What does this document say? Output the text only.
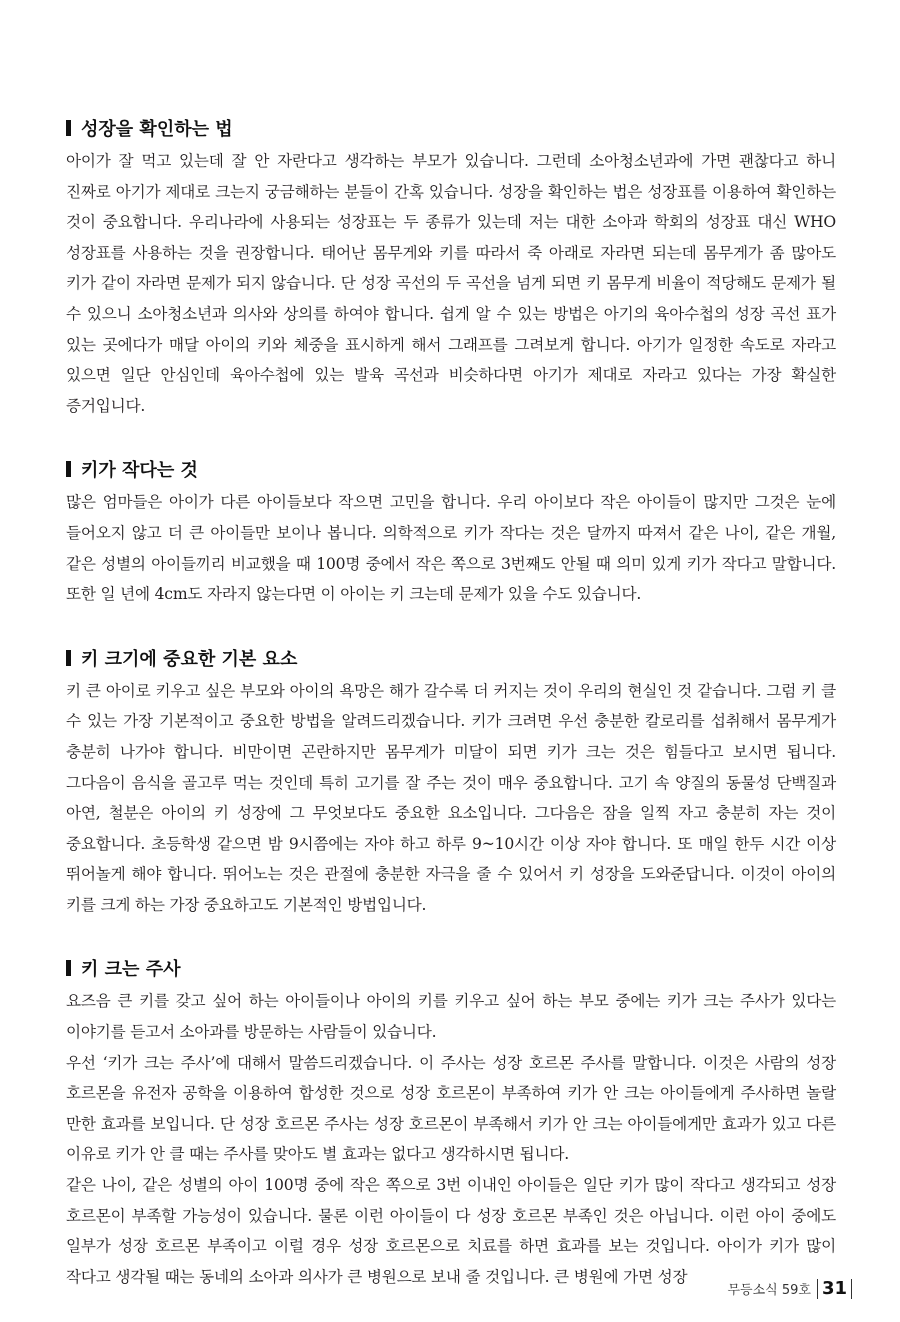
성장을 확인하는 법

아이가 잘 먹고 있는데 잘 안 자란다고 생각하는 부모가 있습니다. 그런데 소아청소년과에 가면 괜찮다고 하니 진짜로 아기가 제대로 크는지 궁금해하는 분들이 간혹 있습니다. 성장을 확인하는 법은 성장표를 이용하여 확인하는 것이 중요합니다. 우리나라에 사용되는 성장표는 두 종류가 있는데 저는 대한 소아과 학회의 성장표 대신 WHO 성장표를 사용하는 것을 권장합니다. 태어난 몸무게와 키를 따라서 죽 아래로 자라면 되는데 몸무게가 좀 많아도 키가 같이 자라면 문제가 되지 않습니다. 단 성장 곡선의 두 곡선을 넘게 되면 키 몸무게 비율이 적당해도 문제가 될 수 있으니 소아청소년과 의사와 상의를 하여야 합니다. 쉽게 알 수 있는 방법은 아기의 육아수첩의 성장 곡선 표가 있는 곳에다가 매달 아이의 키와 체중을 표시하게 해서 그래프를 그려보게 합니다. 아기가 일정한 속도로 자라고 있으면 일단 안심인데 육아수첩에 있는 발육 곡선과 비슷하다면 아기가 제대로 자라고 있다는 가장 확실한 증거입니다.

키가 작다는 것

많은 엄마들은 아이가 다른 아이들보다 작으면 고민을 합니다. 우리 아이보다 작은 아이들이 많지만 그것은 눈에 들어오지 않고 더 큰 아이들만 보이나 봅니다. 의학적으로 키가 작다는 것은 달까지 따져서 같은 나이, 같은 개월, 같은 성별의 아이들끼리 비교했을 때 100명 중에서 작은 쪽으로 3번째도 안될 때 의미 있게 키가 작다고 말합니다. 또한 일 년에 4cm도 자라지 않는다면 이 아이는 키 크는데 문제가 있을 수도 있습니다.

키 크기에 중요한 기본 요소

키 큰 아이로 키우고 싶은 부모와 아이의 욕망은 해가 갈수록 더 커지는 것이 우리의 현실인 것 같습니다. 그럼 키 클 수 있는 가장 기본적이고 중요한 방법을 알려드리겠습니다. 키가 크려면 우선 충분한 칼로리를 섭취해서 몸무게가 충분히 나가야 합니다. 비만이면 곤란하지만 몸무게가 미달이 되면 키가 크는 것은 힘들다고 보시면 됩니다. 그다음이 음식을 골고루 먹는 것인데 특히 고기를 잘 주는 것이 매우 중요합니다. 고기 속 양질의 동물성 단백질과 아연, 철분은 아이의 키 성장에 그 무엇보다도 중요한 요소입니다. 그다음은 잠을 일찍 자고 충분히 자는 것이 중요합니다. 초등학생 같으면 밤 9시쯤에는 자야 하고 하루 9~10시간 이상 자야 합니다. 또 매일 한두 시간 이상 뛰어놀게 해야 합니다. 뛰어노는 것은 관절에 충분한 자극을 줄 수 있어서 키 성장을 도와준답니다. 이것이 아이의 키를 크게 하는 가장 중요하고도 기본적인 방법입니다.

키 크는 주사

요즈음 큰 키를 갖고 싶어 하는 아이들이나 아이의 키를 키우고 싶어 하는 부모 중에는 키가 크는 주사가 있다는 이야기를 듣고서 소아과를 방문하는 사람들이 있습니다.

우선 ‘키가 크는 주사’에 대해서 말씀드리겠습니다. 이 주사는 성장 호르몬 주사를 말합니다. 이것은 사람의 성장 호르몬을 유전자 공학을 이용하여 합성한 것으로 성장 호르몬이 부족하여 키가 안 크는 아이들에게 주사하면 놀랄 만한 효과를 보입니다. 단 성장 호르몬 주사는 성장 호르몬이 부족해서 키가 안 크는 아이들에게만 효과가 있고 다른 이유로 키가 안 클 때는 주사를 맞아도 별 효과는 없다고 생각하시면 됩니다.

같은 나이, 같은 성별의 아이 100명 중에 작은 쪽으로 3번 이내인 아이들은 일단 키가 많이 작다고 생각되고 성장 호르몬이 부족할 가능성이 있습니다. 물론 이런 아이들이 다 성장 호르몬 부족인 것은 아닙니다. 이런 아이 중에도 일부가 성장 호르몬 부족이고 이럴 경우 성장 호르몬으로 치료를 하면 효과를 보는 것입니다. 아이가 키가 많이 작다고 생각될 때는 동네의 소아과 의사가 큰 병원으로 보내 줄 것입니다. 큰 병원에 가면 성장

무등소식 59호 31
